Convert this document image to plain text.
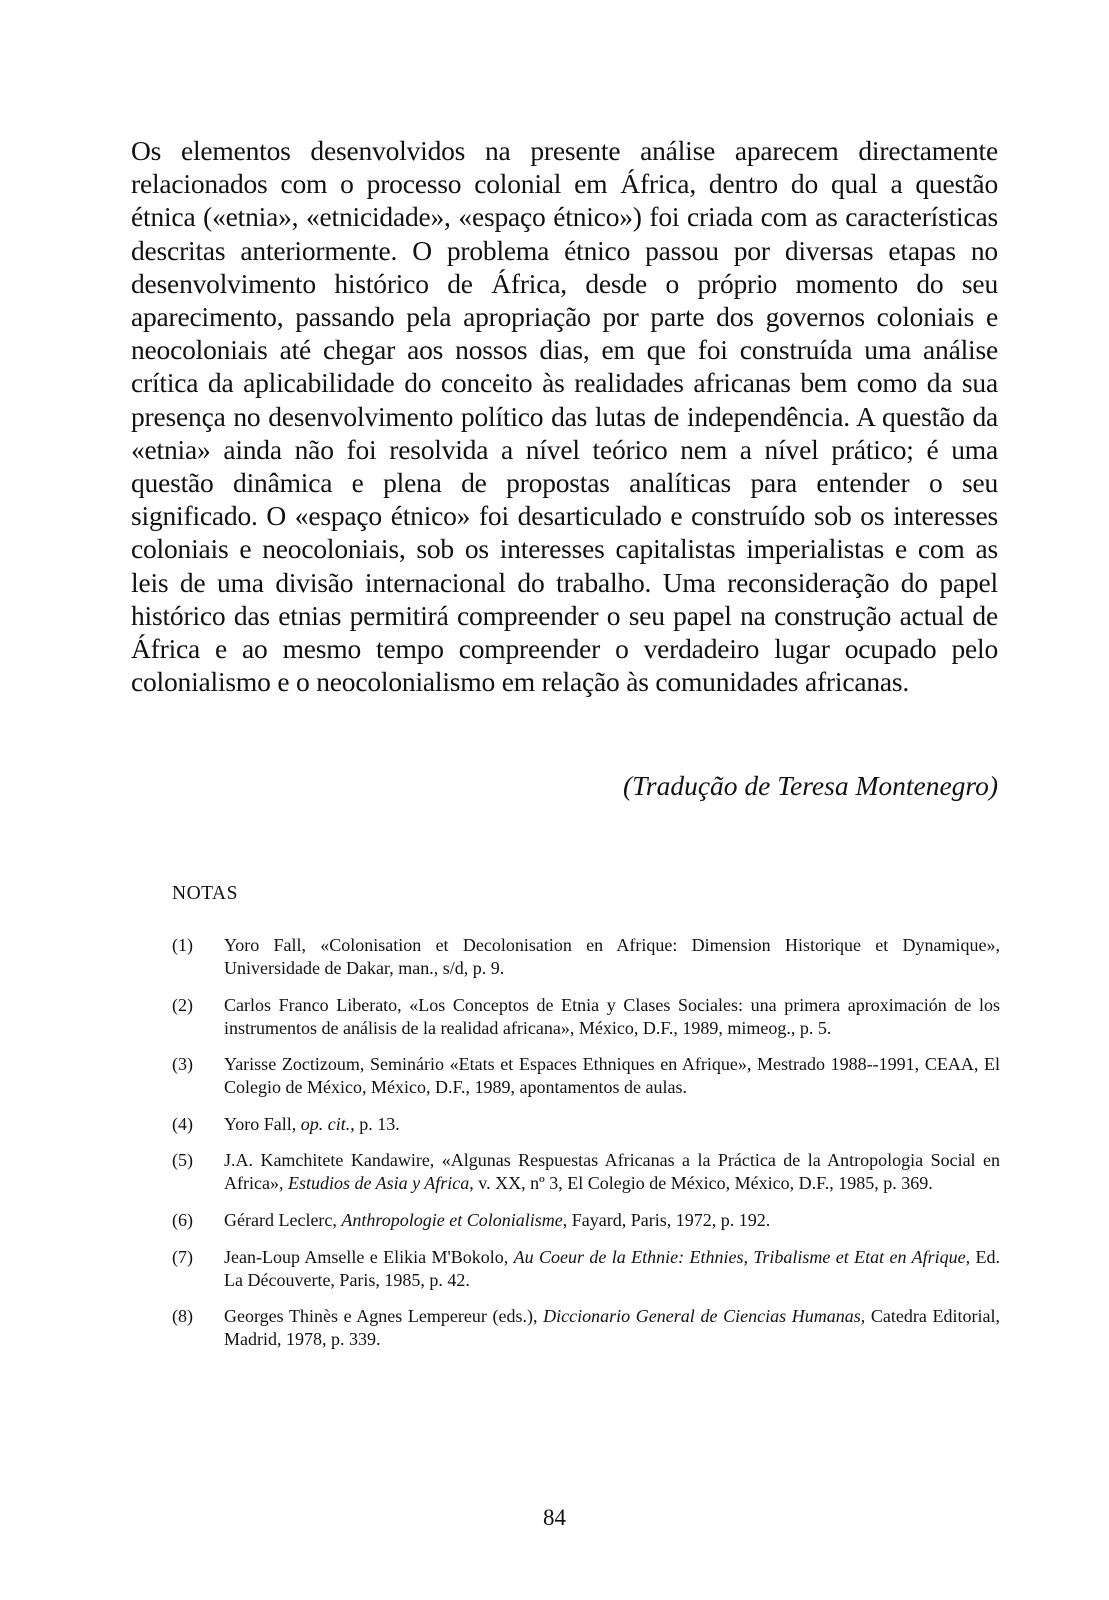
Os elementos desenvolvidos na presente análise aparecem directamente relacionados com o processo colonial em África, dentro do qual a questão étnica («etnia», «etnicidade», «espaço étnico») foi criada com as características descritas anteriormente. O problema étnico passou por diversas etapas no desenvolvimento histórico de África, desde o próprio momento do seu aparecimento, passando pela apropriação por parte dos governos coloniais e neocoloniais até chegar aos nossos dias, em que foi construída uma análise crítica da aplicabilidade do conceito às realidades africanas bem como da sua presença no desenvolvimento político das lutas de independência. A questão da «etnia» ainda não foi resolvida a nível teórico nem a nível prático; é uma questão dinâmica e plena de propostas analíticas para entender o seu significado. O «espaço étnico» foi desarticulado e construído sob os interesses coloniais e neocoloniais, sob os interesses capitalistas imperialistas e com as leis de uma divisão internacional do trabalho. Uma reconsideração do papel histórico das etnias permitirá compreender o seu papel na construção actual de África e ao mesmo tempo compreender o verdadeiro lugar ocupado pelo colonialismo e o neocolonialismo em relação às comunidades africanas.

(Tradução de Teresa Montenegro)

NOTAS

(1) Yoro Fall, «Colonisation et Decolonisation en Afrique: Dimension Historique et Dynamique», Universidade de Dakar, man., s/d, p. 9.
(2) Carlos Franco Liberato, «Los Conceptos de Etnia y Clases Sociales: una primera aproximación de los instrumentos de análisis de la realidad africana», México, D.F., 1989, mimeog., p. 5.
(3) Yarisse Zoctizoum, Seminário «Etats et Espaces Ethniques en Afrique», Mestrado 1988--1991, CEAA, El Colegio de México, México, D.F., 1989, apontamentos de aulas.
(4) Yoro Fall, op. cit., p. 13.
(5) J.A. Kamchitete Kandawire, «Algunas Respuestas Africanas a la Práctica de la Antropologia Social en Africa», Estudios de Asia y Africa, v. XX, nº 3, El Colegio de México, México, D.F., 1985, p. 369.
(6) Gérard Leclerc, Anthropologie et Colonialisme, Fayard, Paris, 1972, p. 192.
(7) Jean-Loup Amselle e Elikia M'Bokolo, Au Coeur de la Ethnie: Ethnies, Tribalisme et Etat en Afrique, Ed. La Découverte, Paris, 1985, p. 42.
(8) Georges Thinès e Agnes Lempereur (eds.), Diccionario General de Ciencias Humanas, Catedra Editorial, Madrid, 1978, p. 339.

84
